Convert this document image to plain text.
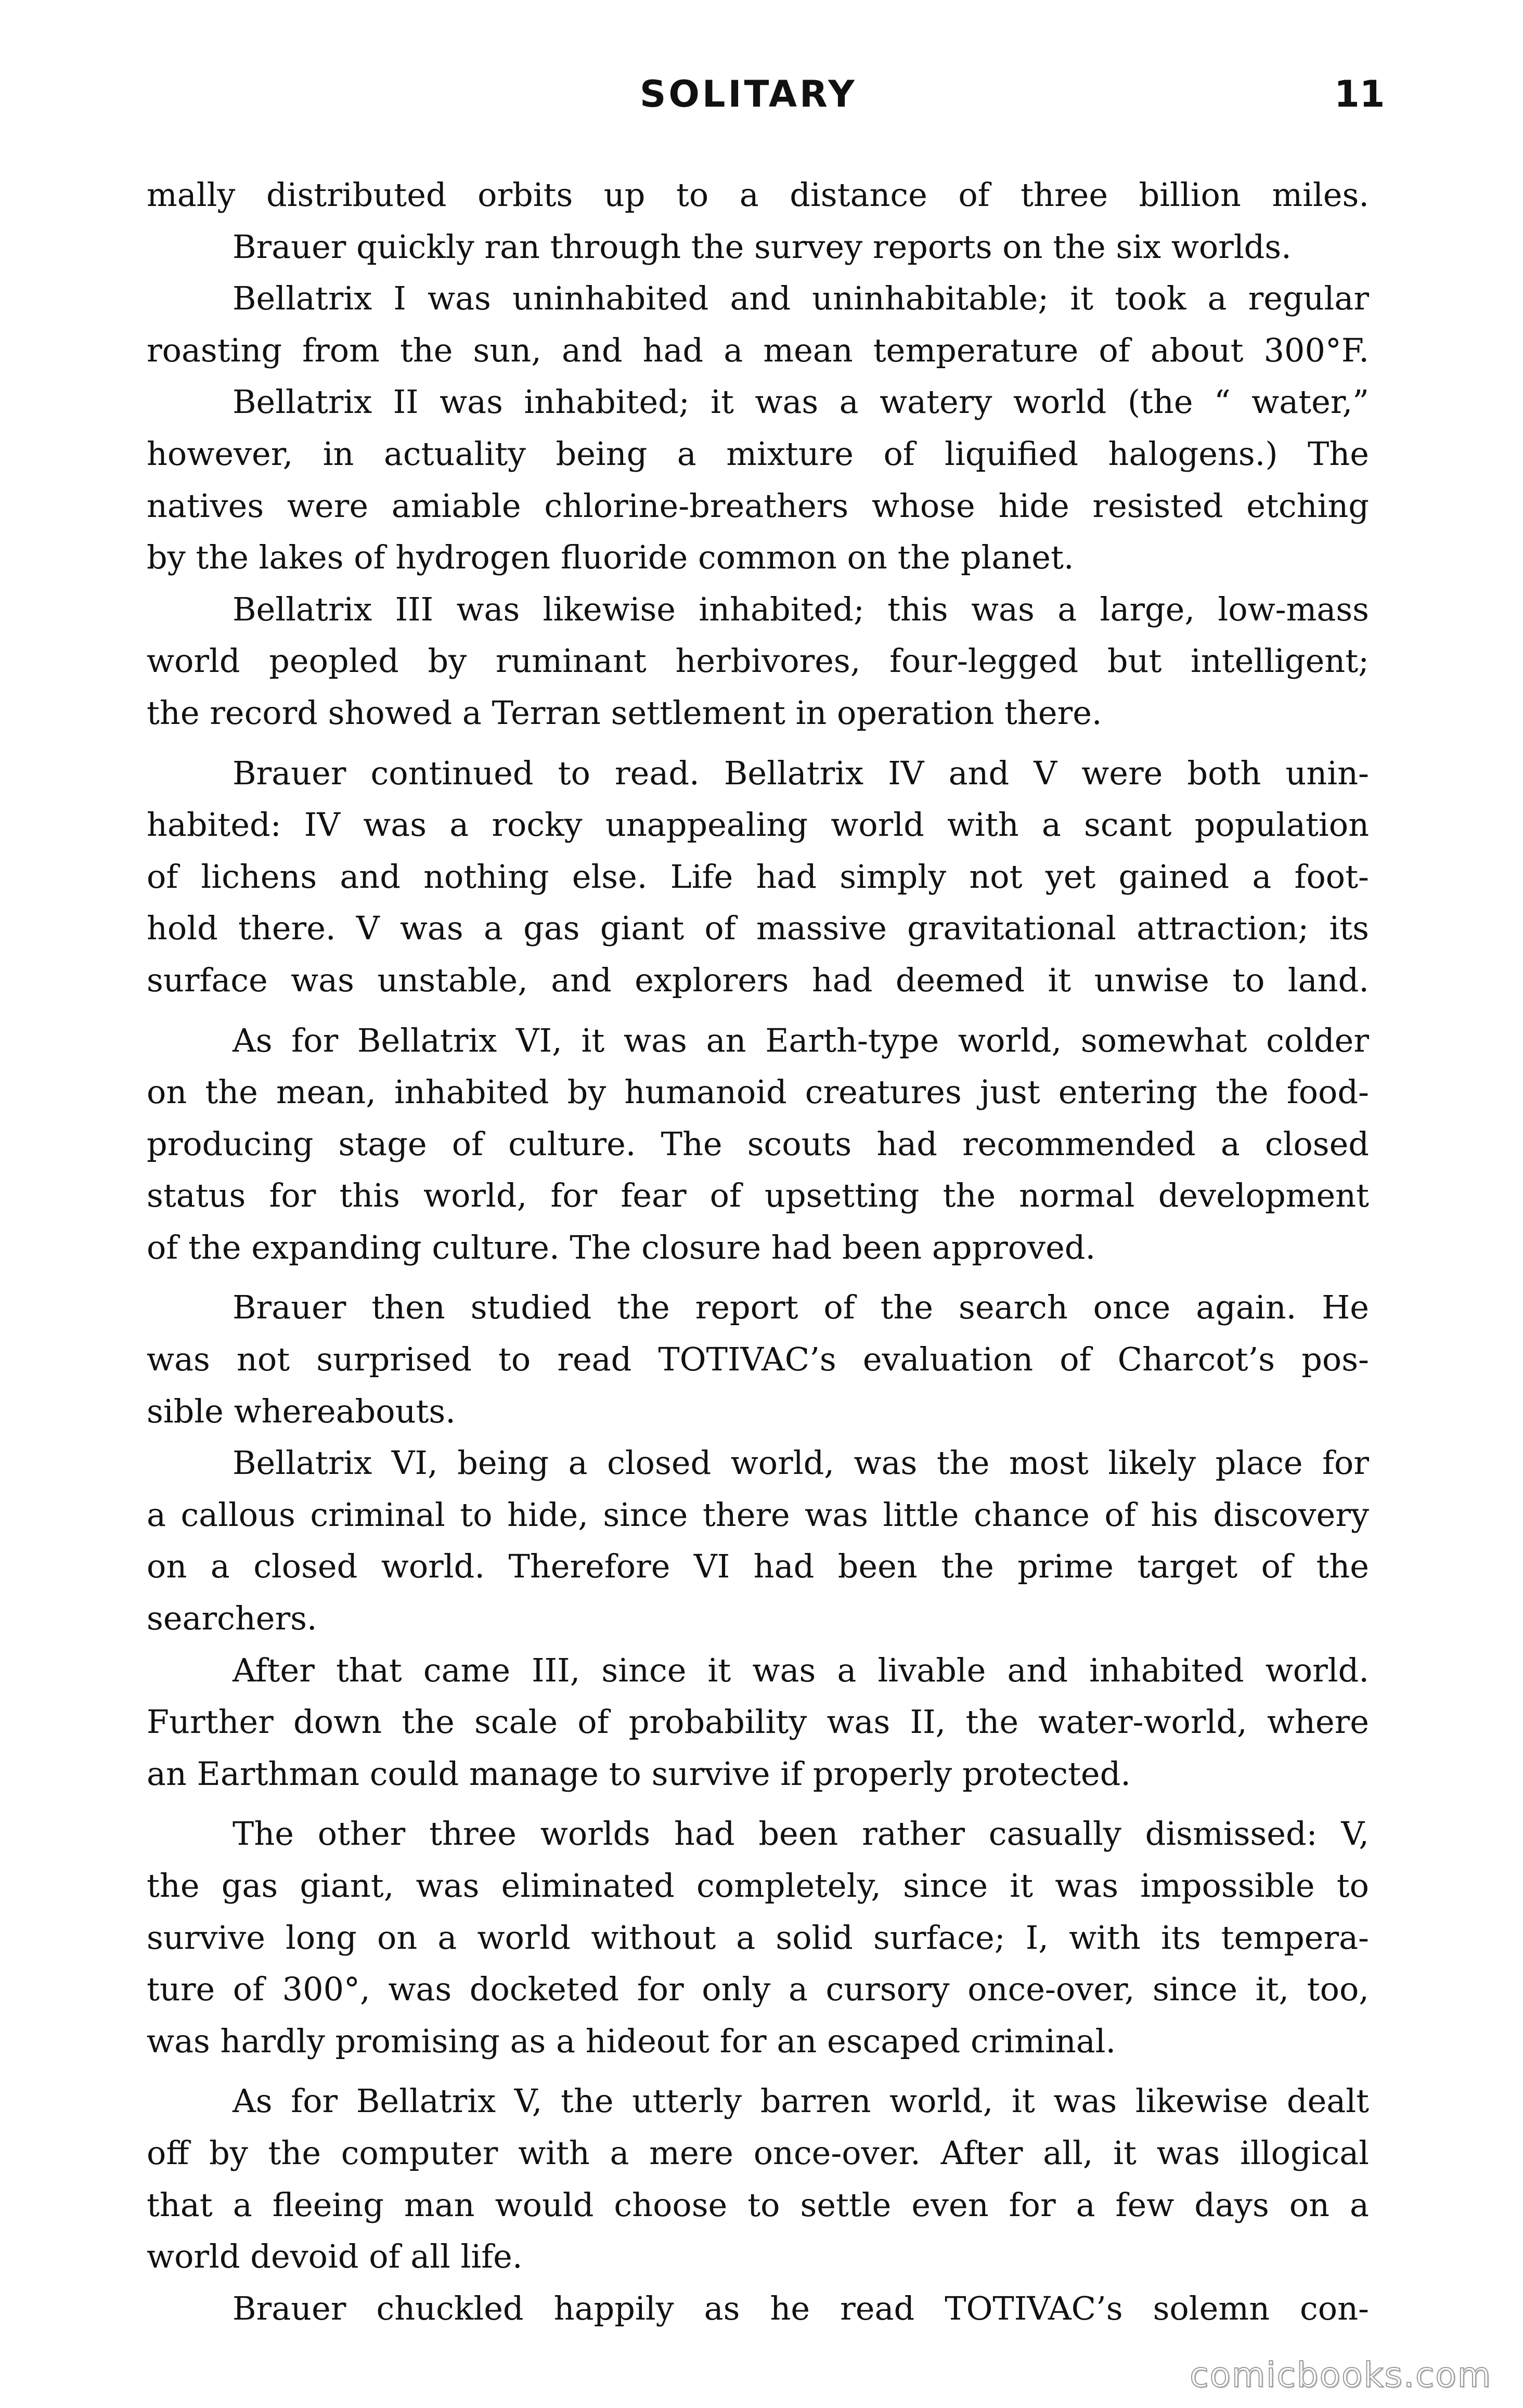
SOLITARY	11
mally distributed orbits up to a distance of three billion miles.
Brauer quickly ran through the survey reports on the six worlds.
Bellatrix I was uninhabited and uninhabitable; it took a regular
roasting from the sun, and had a mean temperature of about 300°F.
Bellatrix II was inhabited; it was a watery world (the “ water,”
however, in actuality being a mixture of liquified halogens.) The
natives were amiable chlorine-breathers whose hide resisted etching
by the lakes of hydrogen fluoride common on the planet.
Bellatrix III was likewise inhabited; this was a large, low-mass
world peopled by ruminant herbivores, four-legged but intelligent;
the record showed a Terran settlement in operation there.
Brauer continued to read. Bellatrix IV and V were both unin-
habited: IV was a rocky unappealing world with a scant population
of lichens and nothing else. Life had simply not yet gained a foot-
hold there. V was a gas giant of massive gravitational attraction; its
surface was unstable, and explorers had deemed it unwise to land.
As for Bellatrix VI, it was an Earth-type world, somewhat colder
on the mean, inhabited by humanoid creatures just entering the food-
producing stage of culture. The scouts had recommended a closed
status for this world, for fear of upsetting the normal development
of the expanding culture. The closure had been approved.
Brauer then studied the report of the search once again. He
was not surprised to read TOTIVAC’s evaluation of Charcot’s pos-
sible whereabouts.
Bellatrix VI, being a closed world, was the most likely place for
a callous criminal to hide, since there was little chance of his discovery
on a closed world. Therefore VI had been the prime target of the
searchers.
After that came III, since it was a livable and inhabited world.
Further down the scale of probability was II, the water-world, where
an Earthman could manage to survive if properly protected.
The other three worlds had been rather casually dismissed: V,
the gas giant, was eliminated completely, since it was impossible to
survive long on a world without a solid surface; I, with its tempera-
ture of 300°, was docketed for only a cursory once-over, since it, too,
was hardly promising as a hideout for an escaped criminal.
As for Bellatrix V, the utterly barren world, it was likewise dealt
off by the computer with a mere once-over. After all, it was illogical
that a fleeing man would choose to settle even for a few days on a
world devoid of all life.
Brauer chuckled happily as he read TOTIVAC’s solemn con-
comicbooks.com
